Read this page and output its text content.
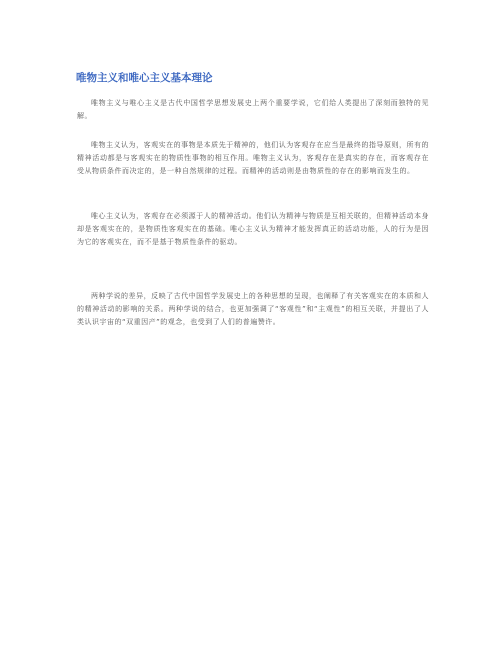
唯物主义和唯心主义基本理论

唯物主义与唯心主义是古代中国哲学思想发展史上两个重要学说，它们给人类提出了深刻而独特的见解。

唯物主义认为，客观实在的事物是本质先于精神的，他们认为客观存在应当是最终的指导原则，所有的精神活动都是与客观实在的物质性事物的相互作用。唯物主义认为，客观存在是真实的存在，而客观存在受从物质条件而决定的，是一种自然规律的过程。而精神的活动则是由物质性的存在的影响而发生的。

唯心主义认为，客观存在必须源于人的精神活动。他们认为精神与物质是互相关联的，但精神活动本身却是客观实在的，是物质性客观实在的基础。唯心主义认为精神才能发挥真正的活动功能，人的行为是因为它的客观实在，而不是基于物质性条件的驱动。

两种学说的差异，反映了古代中国哲学发展史上的各种思想的呈现，也阐释了有关客观实在的本质和人的精神活动的影响的关系。两种学说的结合，也更加强调了“客观性”和“主观性”的相互关联，并提出了人类认识宇宙的“双重因产”的观念，也受到了人们的普遍赞许。
